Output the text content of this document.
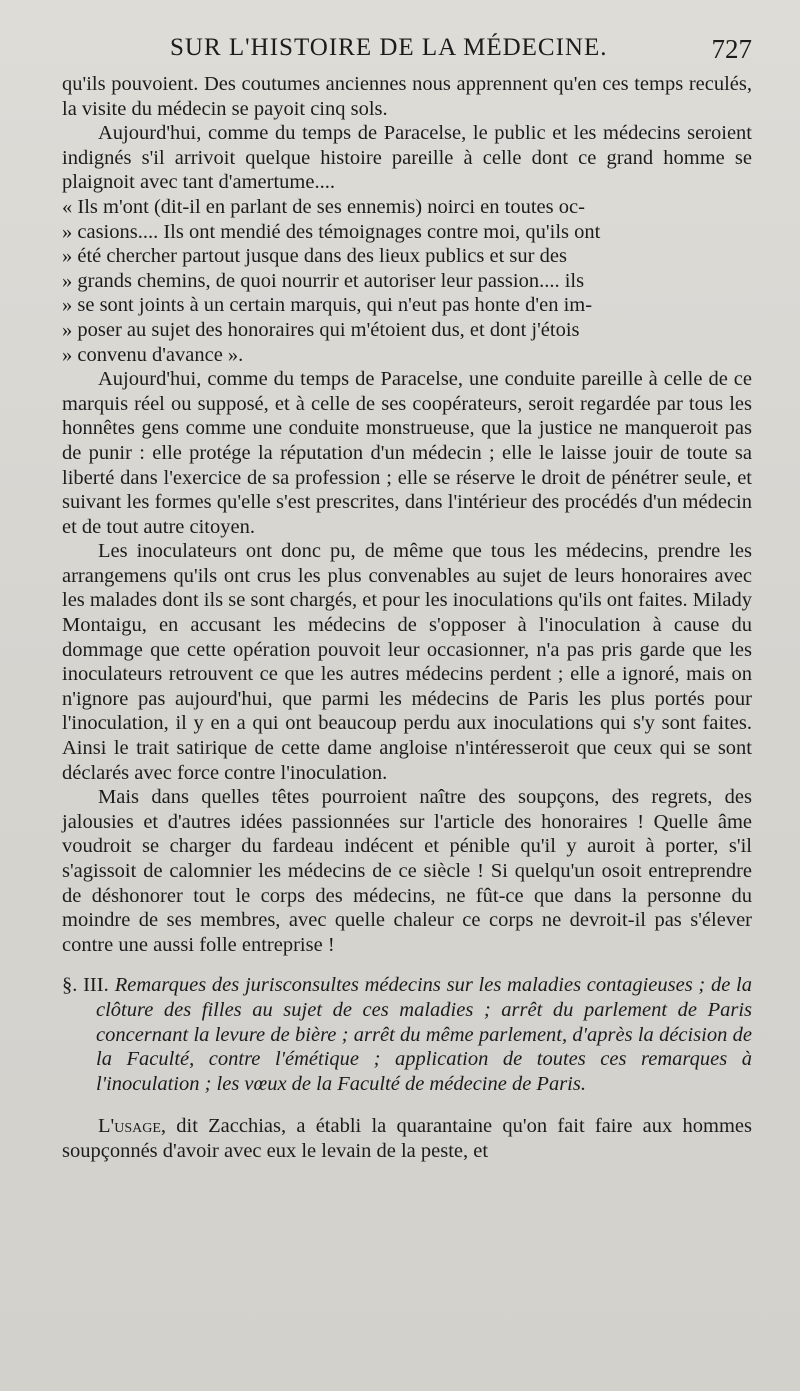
SUR L'HISTOIRE DE LA MÉDECINE.	727

qu'ils pouvoient. Des coutumes anciennes nous apprennent qu'en ces temps reculés, la visite du médecin se payoit cinq sols.

Aujourd'hui, comme du temps de Paracelse, le public et les médecins seroient indignés s'il arrivoit quelque histoire pareille à celle dont ce grand homme se plaignoit avec tant d'amertume....

« Ils m'ont (dit-il en parlant de ses ennemis) noirci en toutes oc-
» casions.... Ils ont mendié des témoignages contre moi, qu'ils ont
» été chercher partout jusque dans des lieux publics et sur des
» grands chemins, de quoi nourrir et autoriser leur passion.... ils
» se sont joints à un certain marquis, qui n'eut pas honte d'en im-
» poser au sujet des honoraires qui m'étoient dus, et dont j'étois
» convenu d'avance ».

Aujourd'hui, comme du temps de Paracelse, une conduite pareille à celle de ce marquis réel ou supposé, et à celle de ses coopérateurs, seroit regardée par tous les honnêtes gens comme une conduite monstrueuse, que la justice ne manqueroit pas de punir : elle protége la réputation d'un médecin ; elle le laisse jouir de toute sa liberté dans l'exercice de sa profession ; elle se réserve le droit de pénétrer seule, et suivant les formes qu'elle s'est prescrites, dans l'intérieur des procédés d'un médecin et de tout autre citoyen.

Les inoculateurs ont donc pu, de même que tous les médecins, prendre les arrangemens qu'ils ont crus les plus convenables au sujet de leurs honoraires avec les malades dont ils se sont chargés, et pour les inoculations qu'ils ont faites. Milady Montaigu, en accusant les médecins de s'opposer à l'inoculation à cause du dommage que cette opération pouvoit leur occasionner, n'a pas pris garde que les inoculateurs retrouvent ce que les autres médecins perdent ; elle a ignoré, mais on n'ignore pas aujourd'hui, que parmi les médecins de Paris les plus portés pour l'inoculation, il y en a qui ont beaucoup perdu aux inoculations qui s'y sont faites. Ainsi le trait satirique de cette dame angloise n'intéresseroit que ceux qui se sont déclarés avec force contre l'inoculation.

Mais dans quelles têtes pourroient naître des soupçons, des regrets, des jalousies et d'autres idées passionnées sur l'article des honoraires ! Quelle âme voudroit se charger du fardeau indécent et pénible qu'il y auroit à porter, s'il s'agissoit de calomnier les médecins de ce siècle ! Si quelqu'un osoit entreprendre de déshonorer tout le corps des médecins, ne fût-ce que dans la personne du moindre de ses membres, avec quelle chaleur ce corps ne devroit-il pas s'élever contre une aussi folle entreprise !

§. III. Remarques des jurisconsultes médecins sur les maladies contagieuses ; de la clôture des filles au sujet de ces maladies ; arrêt du parlement de Paris concernant la levure de bière ; arrêt du même parlement, d'après la décision de la Faculté, contre l'émétique ; application de toutes ces remarques à l'inoculation ; les vœux de la Faculté de médecine de Paris.

L'usage, dit Zacchias, a établi la quarantaine qu'on fait faire aux hommes soupçonnés d'avoir avec eux le levain de la peste, et
